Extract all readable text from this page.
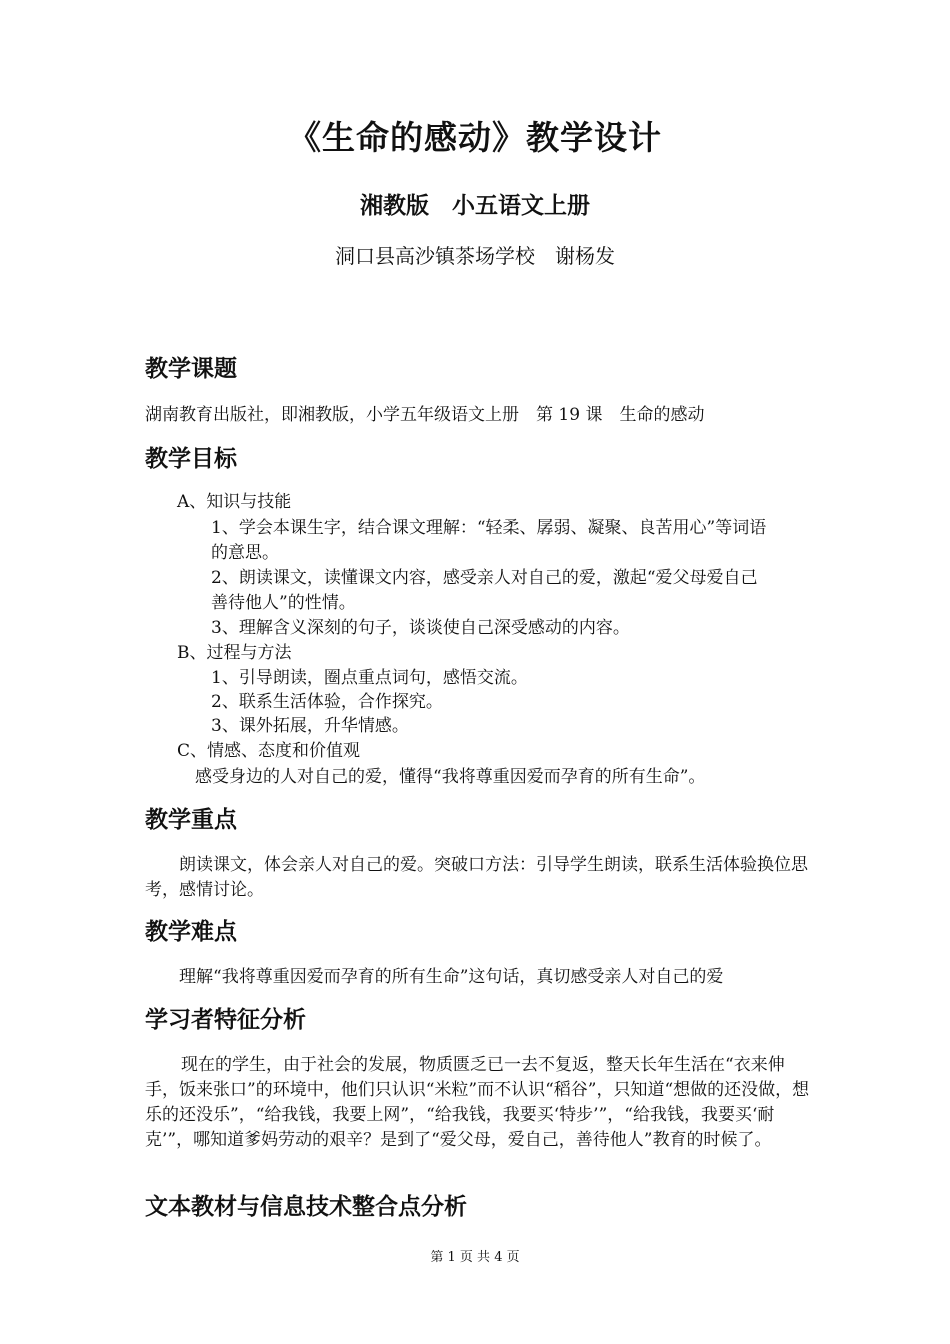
《生命的感动》教学设计
湘教版　小五语文上册
洞口县高沙镇茶场学校　谢杨发
教学课题
湖南教育出版社，即湘教版，小学五年级语文上册　第 19 课　生命的感动
教学目标
A、知识与技能
1、学会本课生字，结合课文理解：“轻柔、孱弱、凝聚、良苦用心”等词语
的意思。
2、朗读课文，读懂课文内容，感受亲人对自己的爱，激起“爱父母爱自己
善待他人”的性情。
3、理解含义深刻的句子，谈谈使自己深受感动的内容。
B、过程与方法
1、引导朗读，圈点重点词句，感悟交流。
2、联系生活体验，合作探究。
3、课外拓展，升华情感。
C、情感、态度和价值观
感受身边的人对自己的爱，懂得“我将尊重因爱而孕育的所有生命”。
教学重点
朗读课文，体会亲人对自己的爱。突破口方法：引导学生朗读，联系生活体验换位思考，感情讨论。
教学难点
理解“我将尊重因爱而孕育的所有生命”这句话，真切感受亲人对自己的爱
学习者特征分析
现在的学生，由于社会的发展，物质匮乏已一去不复返，整天长年生活在“衣来伸手，饭来张口”的环境中，他们只认识“米粒”而不认识“稻谷”，只知道“想做的还没做，想乐的还没乐”，“给我钱，我要上网”，“给我钱，我要买‘特步’”，“给我钱，我要买‘耐克’”，哪知道爹妈劳动的艰辛？是到了“爱父母，爱自己，善待他人”教育的时候了。
文本教材与信息技术整合点分析
第 1 页 共 4 页
